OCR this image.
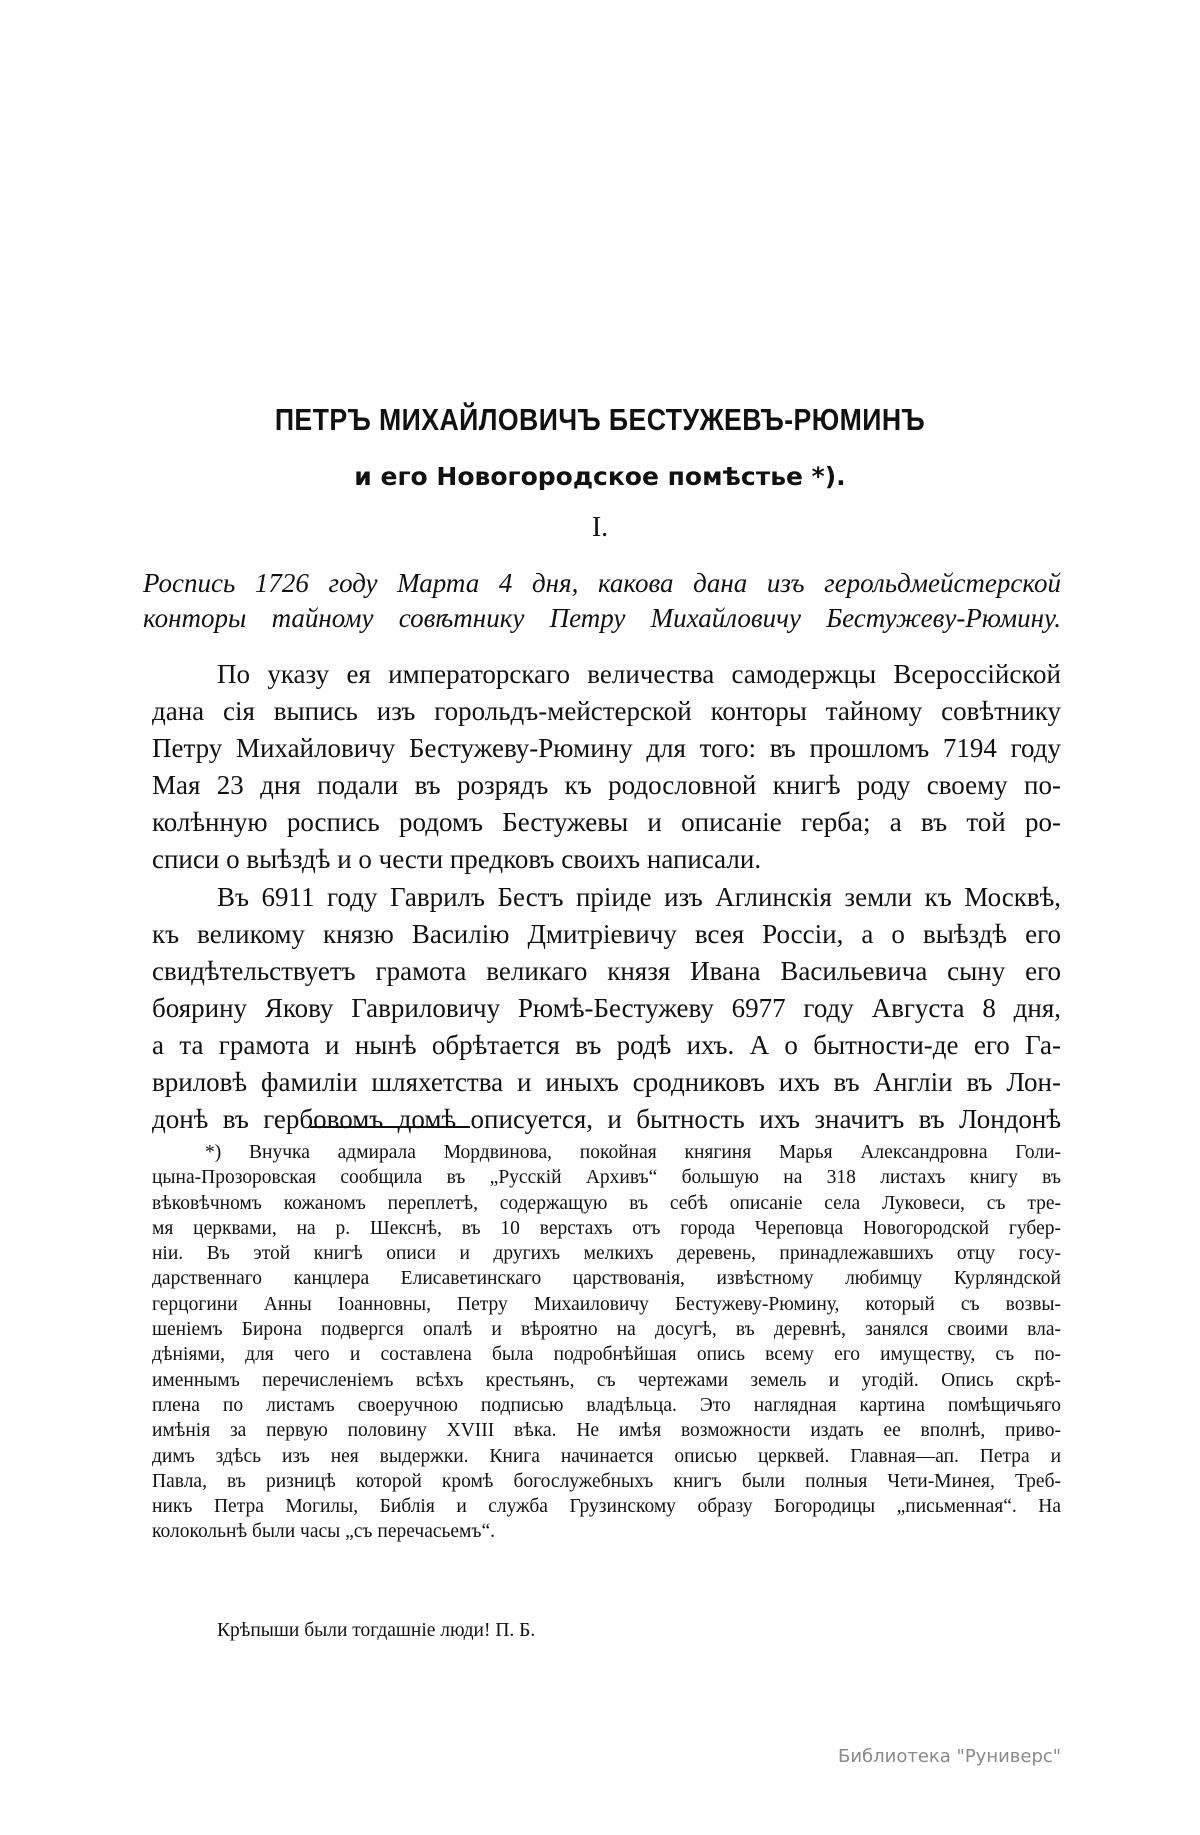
ПЕТРЪ МИХАЙЛОВИЧЪ БЕСТУЖЕВЪ-РЮМИНЪ
и его Новогородское помѣстье *).
I.
Роспись 1726 году Марта 4 дня, какова дана изъ герольдмейстерской
конторы тайному совѣтнику Петру Михайловичу Бестужеву-Рюмину.
По указу ея императорскаго величества самодержцы Всероссійской
дана сія выпись изъ горольдъ-мейстерской конторы тайному совѣтнику
Петру Михайловичу Бестужеву-Рюмину для того: въ прошломъ 7194 году
Мая 23 дня подали въ розрядъ къ родословной книгѣ роду своему по-
колѣнную роспись родомъ Бестужевы и описаніе герба; а въ той ро-
списи о выѣздѣ и о чести предковъ своихъ написали.
Въ 6911 году Гаврилъ Бестъ пріиде изъ Аглинскія земли къ Москвѣ,
къ великому князю Василію Дмитріевичу всея Россіи, а о выѣздѣ его
свидѣтельствуетъ грамота великаго князя Ивана Васильевича сыну его
боярину Якову Гавриловичу Рюмѣ-Бестужеву 6977 году Августа 8 дня,
а та грамота и нынѣ обрѣтается въ родѣ ихъ. А о бытности-де его Га-
вриловѣ фамиліи шляхетства и иныхъ сродниковъ ихъ въ Англіи въ Лон-
донѣ въ гербовомъ домѣ описуется, и бытность ихъ значитъ въ Лондонѣ
*) Внучка адмирала Мордвинова, покойная княгиня Марья Александровна Голи-
цына-Прозоровская сообщила въ „Русскій Архивъ“ большую на 318 листахъ книгу въ
вѣковѣчномъ кожаномъ переплетѣ, содержащую въ себѣ описаніе села Луковеси, съ тре-
мя церквами, на р. Шекснѣ, въ 10 верстахъ отъ города Череповца Новогородской губер-
ніи. Въ этой книгѣ описи и другихъ мелкихъ деревень, принадлежавшихъ отцу госу-
дарственнаго канцлера Елисаветинскаго царствованія, извѣстному любимцу Курляндской
герцогини Анны Іоанновны, Петру Михаиловичу Бестужеву-Рюмину, который съ возвы-
шеніемъ Бирона подвергся опалѣ и вѣроятно на досугѣ, въ деревнѣ, занялся своими вла-
дѣніями, для чего и составлена была подробнѣйшая опись всему его имуществу, съ по-
именнымъ перечисленіемъ всѣхъ крестьянъ, съ чертежами земель и угодій. Опись скрѣ-
плена по листамъ своеручною подписью владѣльца. Это наглядная картина помѣщичьяго
имѣнія за первую половину XVIII вѣка. Не имѣя возможности издать ее вполнѣ, приво-
димъ здѣсь изъ нея выдержки. Книга начинается описью церквей. Главная—ап. Петра и
Павла, въ ризницѣ которой кромѣ богослужебныхъ книгъ были полныя Чети-Минея, Треб-
никъ Петра Могилы, Библія и служба Грузинскому образу Богородицы „письменная“. На
колокольнѣ были часы „съ перечасьемъ“.
Крѣпыши были тогдашніе люди! П. Б.
Библиотека "Руниверс"
